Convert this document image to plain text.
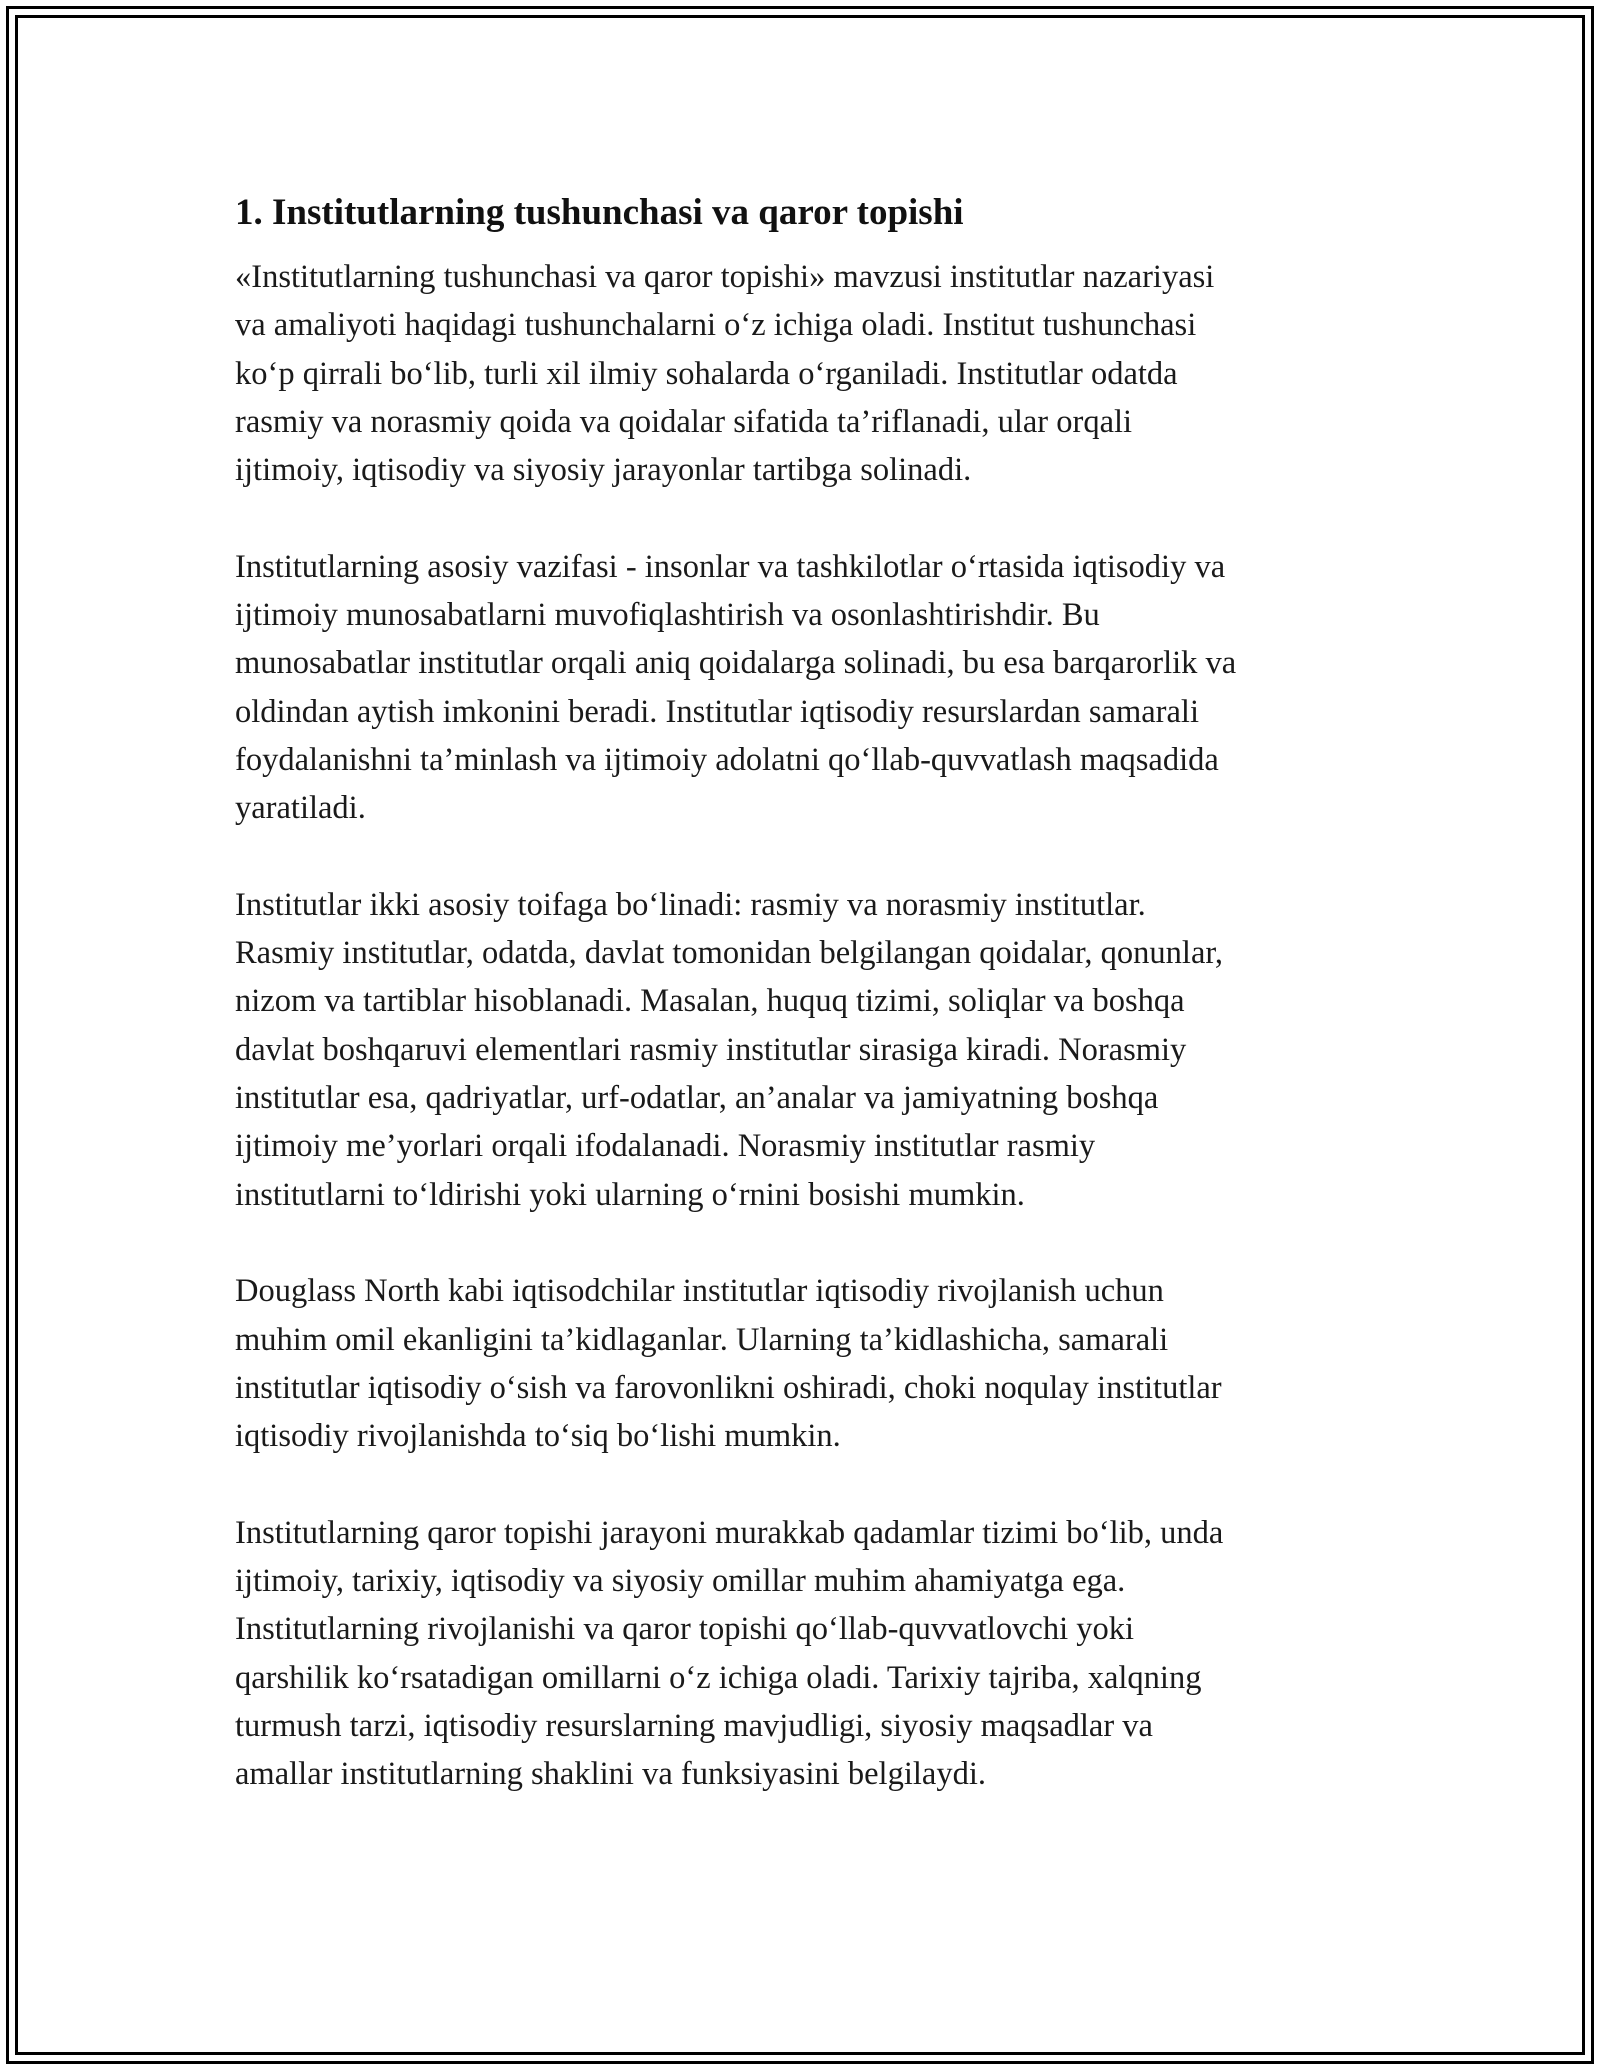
1. Institutlarning tushunchasi va qaror topishi

«Institutlarning tushunchasi va qaror topishi» mavzusi institutlar nazariyasi
va amaliyoti haqidagi tushunchalarni o‘z ichiga oladi. Institut tushunchasi
ko‘p qirrali bo‘lib, turli xil ilmiy sohalarda o‘rganiladi. Institutlar odatda
rasmiy va norasmiy qoida va qoidalar sifatida ta’riflanadi, ular orqali
ijtimoiy, iqtisodiy va siyosiy jarayonlar tartibga solinadi.

Institutlarning asosiy vazifasi - insonlar va tashkilotlar o‘rtasida iqtisodiy va
ijtimoiy munosabatlarni muvofiqlashtirish va osonlashtirishdir. Bu
munosabatlar institutlar orqali aniq qoidalarga solinadi, bu esa barqarorlik va
oldindan aytish imkonini beradi. Institutlar iqtisodiy resurslardan samarali
foydalanishni ta’minlash va ijtimoiy adolatni qo‘llab-quvvatlash maqsadida
yaratiladi.

Institutlar ikki asosiy toifaga bo‘linadi: rasmiy va norasmiy institutlar.
Rasmiy institutlar, odatda, davlat tomonidan belgilangan qoidalar, qonunlar,
nizom va tartiblar hisoblanadi. Masalan, huquq tizimi, soliqlar va boshqa
davlat boshqaruvi elementlari rasmiy institutlar sirasiga kiradi. Norasmiy
institutlar esa, qadriyatlar, urf-odatlar, an’analar va jamiyatning boshqa
ijtimoiy me’yorlari orqali ifodalanadi. Norasmiy institutlar rasmiy
institutlarni to‘ldirishi yoki ularning o‘rnini bosishi mumkin.

Douglass North kabi iqtisodchilar institutlar iqtisodiy rivojlanish uchun
muhim omil ekanligini ta’kidlaganlar. Ularning ta’kidlashicha, samarali
institutlar iqtisodiy o‘sish va farovonlikni oshiradi, choki noqulay institutlar
iqtisodiy rivojlanishda to‘siq bo‘lishi mumkin.

Institutlarning qaror topishi jarayoni murakkab qadamlar tizimi bo‘lib, unda
ijtimoiy, tarixiy, iqtisodiy va siyosiy omillar muhim ahamiyatga ega.
Institutlarning rivojlanishi va qaror topishi qo‘llab-quvvatlovchi yoki
qarshilik ko‘rsatadigan omillarni o‘z ichiga oladi. Tarixiy tajriba, xalqning
turmush tarzi, iqtisodiy resurslarning mavjudligi, siyosiy maqsadlar va
amallar institutlarning shaklini va funksiyasini belgilaydi.
